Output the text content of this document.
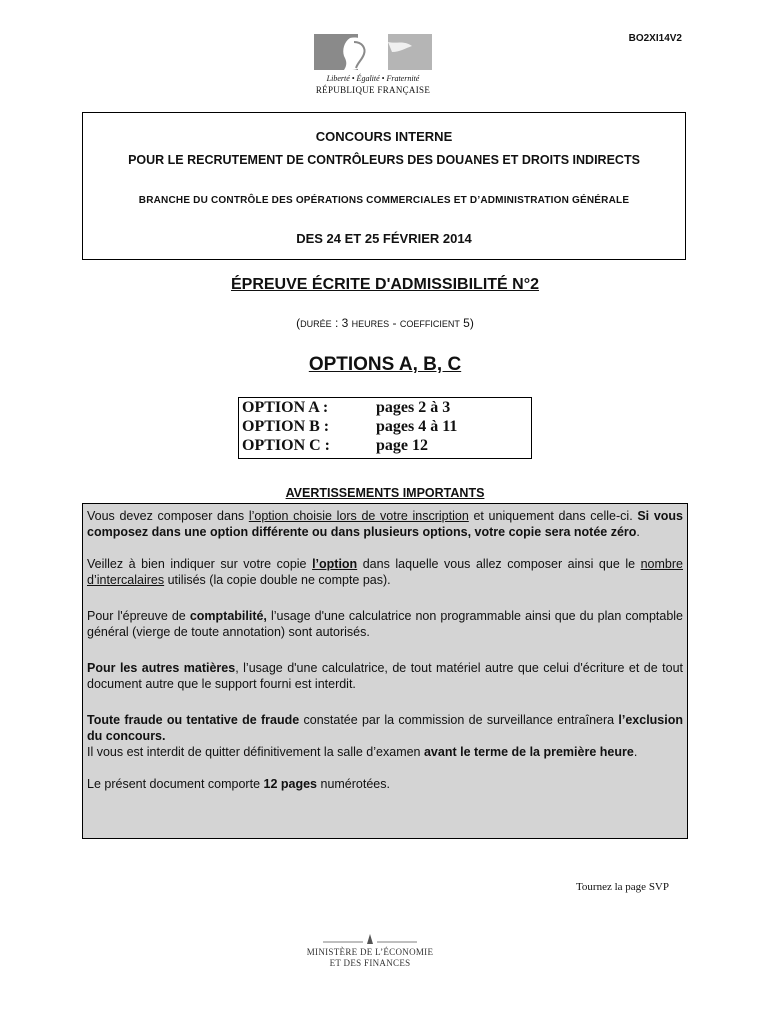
BO2XI14V2
Liberté • Égalité • Fraternité
RÉPUBLIQUE FRANÇAISE
CONCOURS INTERNE
POUR LE RECRUTEMENT DE CONTRÔLEURS DES DOUANES ET DROITS INDIRECTS
BRANCHE DU CONTRÔLE DES OPÉRATIONS COMMERCIALES ET D’ADMINISTRATION GÉNÉRALE
DES 24 ET 25 FÉVRIER 2014
ÉPREUVE ÉCRITE D'ADMISSIBILITÉ N°2
(DURÉE : 3 HEURES - COEFFICIENT 5)
OPTIONS A, B, C
OPTION A :	pages 2 à 3
OPTION B :	pages 4 à 11
OPTION C :	page 12
AVERTISSEMENTS IMPORTANTS

Vous devez composer dans l’option choisie lors de votre inscription et uniquement dans celle-ci. Si vous composez dans une option différente ou dans plusieurs options, votre copie sera notée zéro.

Veillez à bien indiquer sur votre copie l’option dans laquelle vous allez composer ainsi que le nombre d’intercalaires utilisés (la copie double ne compte pas).

Pour l'épreuve de comptabilité, l’usage d'une calculatrice non programmable ainsi que du plan comptable général (vierge de toute annotation) sont autorisés.

Pour les autres matières, l’usage d'une calculatrice, de tout matériel autre que celui d'écriture et de tout document autre que le support fourni est interdit.

Toute fraude ou tentative de fraude constatée par la commission de surveillance entraînera l’exclusion du concours.

Il vous est interdit de quitter définitivement la salle d’examen avant le terme de la première heure.

Le présent document comporte 12 pages numérotées.

Tournez la page SVP
MINISTÈRE DE L’ÉCONOMIE
ET DES FINANCES
